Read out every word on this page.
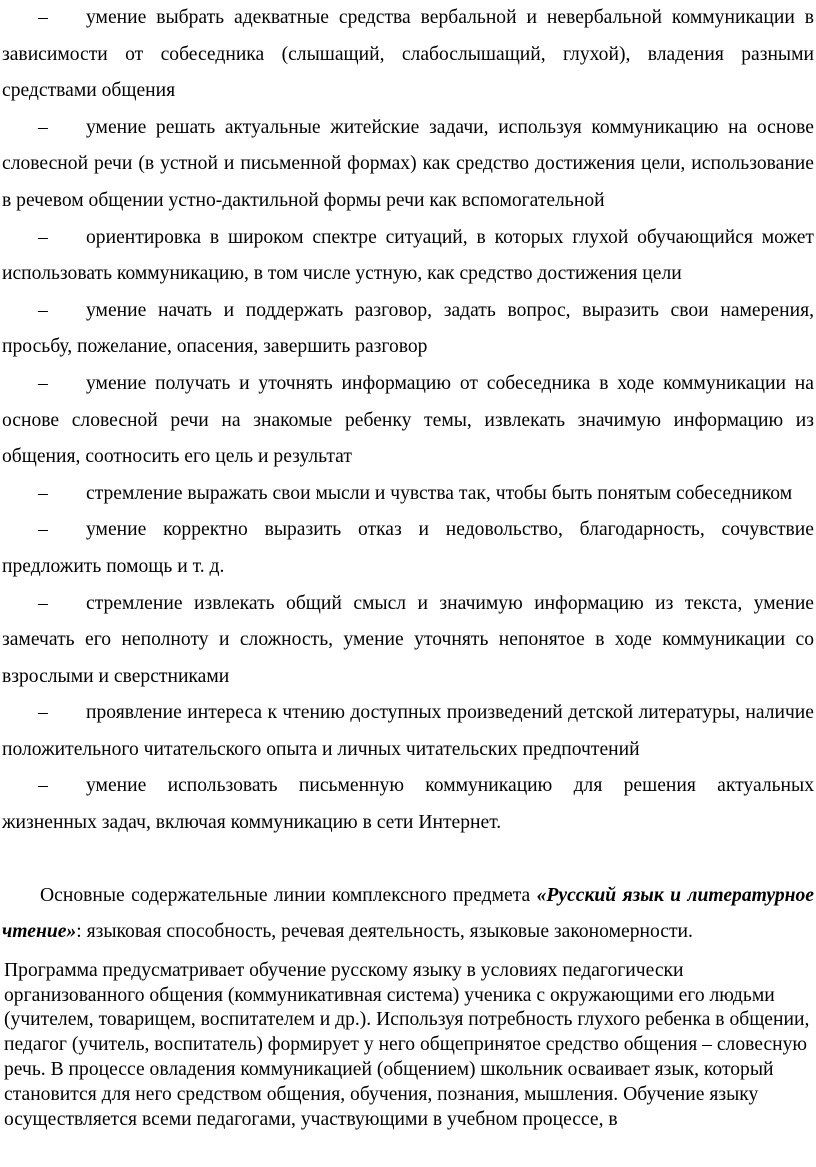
– умение выбрать адекватные средства вербальной и невербальной коммуникации в зависимости от собеседника (слышащий, слабослышащий, глухой), владения разными средствами общения

– умение решать актуальные житейские задачи, используя коммуникацию на основе словесной речи (в устной и письменной формах) как средство достижения цели, использование в речевом общении устно-дактильной формы речи как вспомогательной

– ориентировка в широком спектре ситуаций, в которых глухой обучающийся может использовать коммуникацию, в том числе устную, как средство достижения цели

– умение начать и поддержать разговор, задать вопрос, выразить свои намерения, просьбу, пожелание, опасения, завершить разговор

– умение получать и уточнять информацию от собеседника в ходе коммуникации на основе словесной речи на знакомые ребенку темы, извлекать значимую информацию из общения, соотносить его цель и результат

– стремление выражать свои мысли и чувства так, чтобы быть понятым собеседником

– умение корректно выразить отказ и недовольство, благодарность, сочувствие предложить помощь и т. д.

– стремление извлекать общий смысл и значимую информацию из текста, умение замечать его неполноту и сложность, умение уточнять непонятое в ходе коммуникации со взрослыми и сверстниками

– проявление интереса к чтению доступных произведений детской литературы, наличие положительного читательского опыта и личных читательских предпочтений

– умение использовать письменную коммуникацию для решения актуальных жизненных задач, включая коммуникацию в сети Интернет.

Основные содержательные линии комплексного предмета «Русский язык и литературное чтение»: языковая способность, речевая деятельность, языковые закономерности.

Программа предусматривает обучение русскому языку в условиях педагогически организованного общения (коммуникативная система) ученика с окружающими его людьми (учителем, товарищем, воспитателем и др.). Используя потребность глухого ребенка в общении, педагог (учитель, воспитатель) формирует у него общепринятое средство общения – словесную речь. В процессе овладения коммуникацией (общением) школьник осваивает язык, который становится для него средством общения, обучения, познания, мышления. Обучение языку осуществляется всеми педагогами, участвующими в учебном процессе, в
